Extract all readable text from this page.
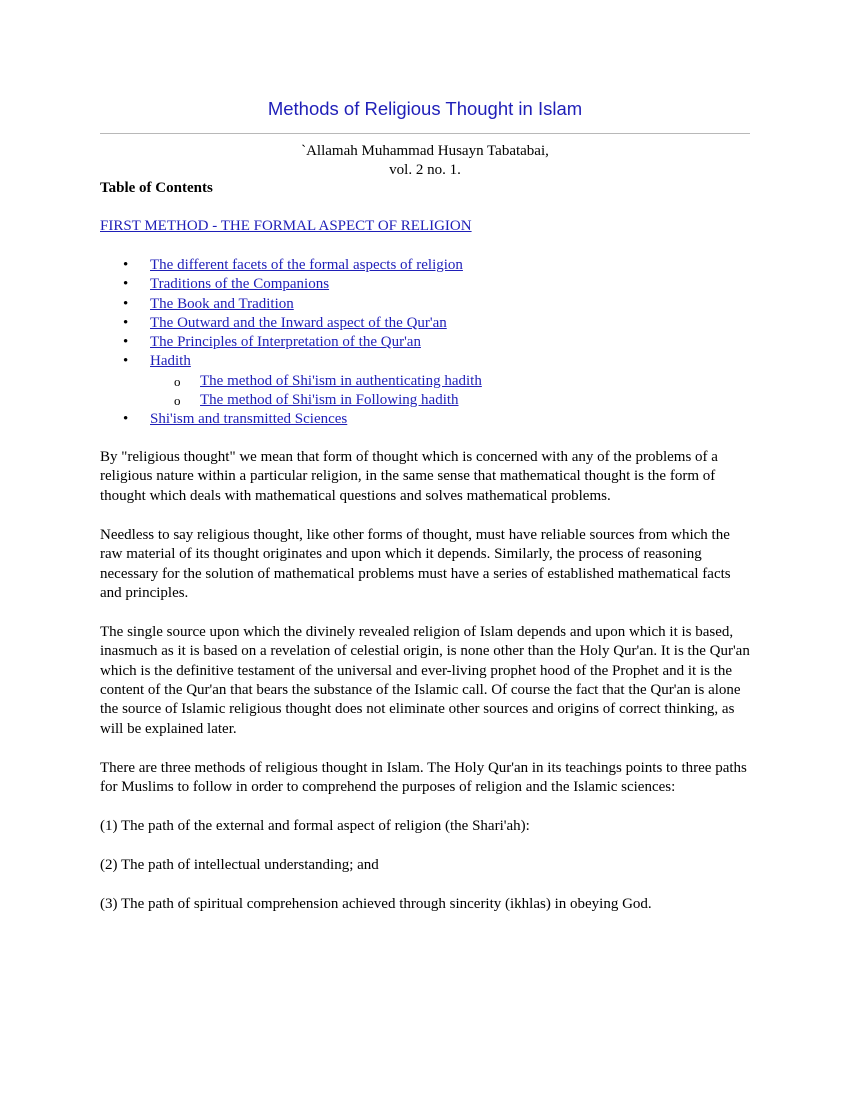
Methods of Religious Thought in Islam
`Allamah Muhammad Husayn Tabatabai,
vol. 2 no. 1.
Table of Contents
FIRST METHOD - THE FORMAL ASPECT OF RELIGION
• The different facets of the formal aspects of religion
• Traditions of the Companions
• The Book and Tradition
• The Outward and the Inward aspect of the Qur'an
• The Principles of Interpretation of the Qur'an
• Hadith
o The method of Shi'ism in authenticating hadith
o The method of Shi'ism in Following hadith
• Shi'ism and transmitted Sciences

By "religious thought" we mean that form of thought which is concerned with any of the problems of a religious nature within a particular religion, in the same sense that mathematical thought is the form of thought which deals with mathematical questions and solves mathematical problems.

Needless to say religious thought, like other forms of thought, must have reliable sources from which the raw material of its thought originates and upon which it depends. Similarly, the process of reasoning necessary for the solution of mathematical problems must have a series of established mathematical facts and principles.

The single source upon which the divinely revealed religion of Islam depends and upon which it is based, inasmuch as it is based on a revelation of celestial origin, is none other than the Holy Qur'an. It is the Qur'an which is the definitive testament of the universal and ever-living prophet hood of the Prophet and it is the content of the Qur'an that bears the substance of the Islamic call. Of course the fact that the Qur'an is alone the source of Islamic religious thought does not eliminate other sources and origins of correct thinking, as will be explained later.

There are three methods of religious thought in Islam. The Holy Qur'an in its teachings points to three paths for Muslims to follow in order to comprehend the purposes of religion and the Islamic sciences:

(1) The path of the external and formal aspect of religion (the Shari'ah):

(2) The path of intellectual understanding; and

(3) The path of spiritual comprehension achieved through sincerity (ikhlas) in obeying God.
